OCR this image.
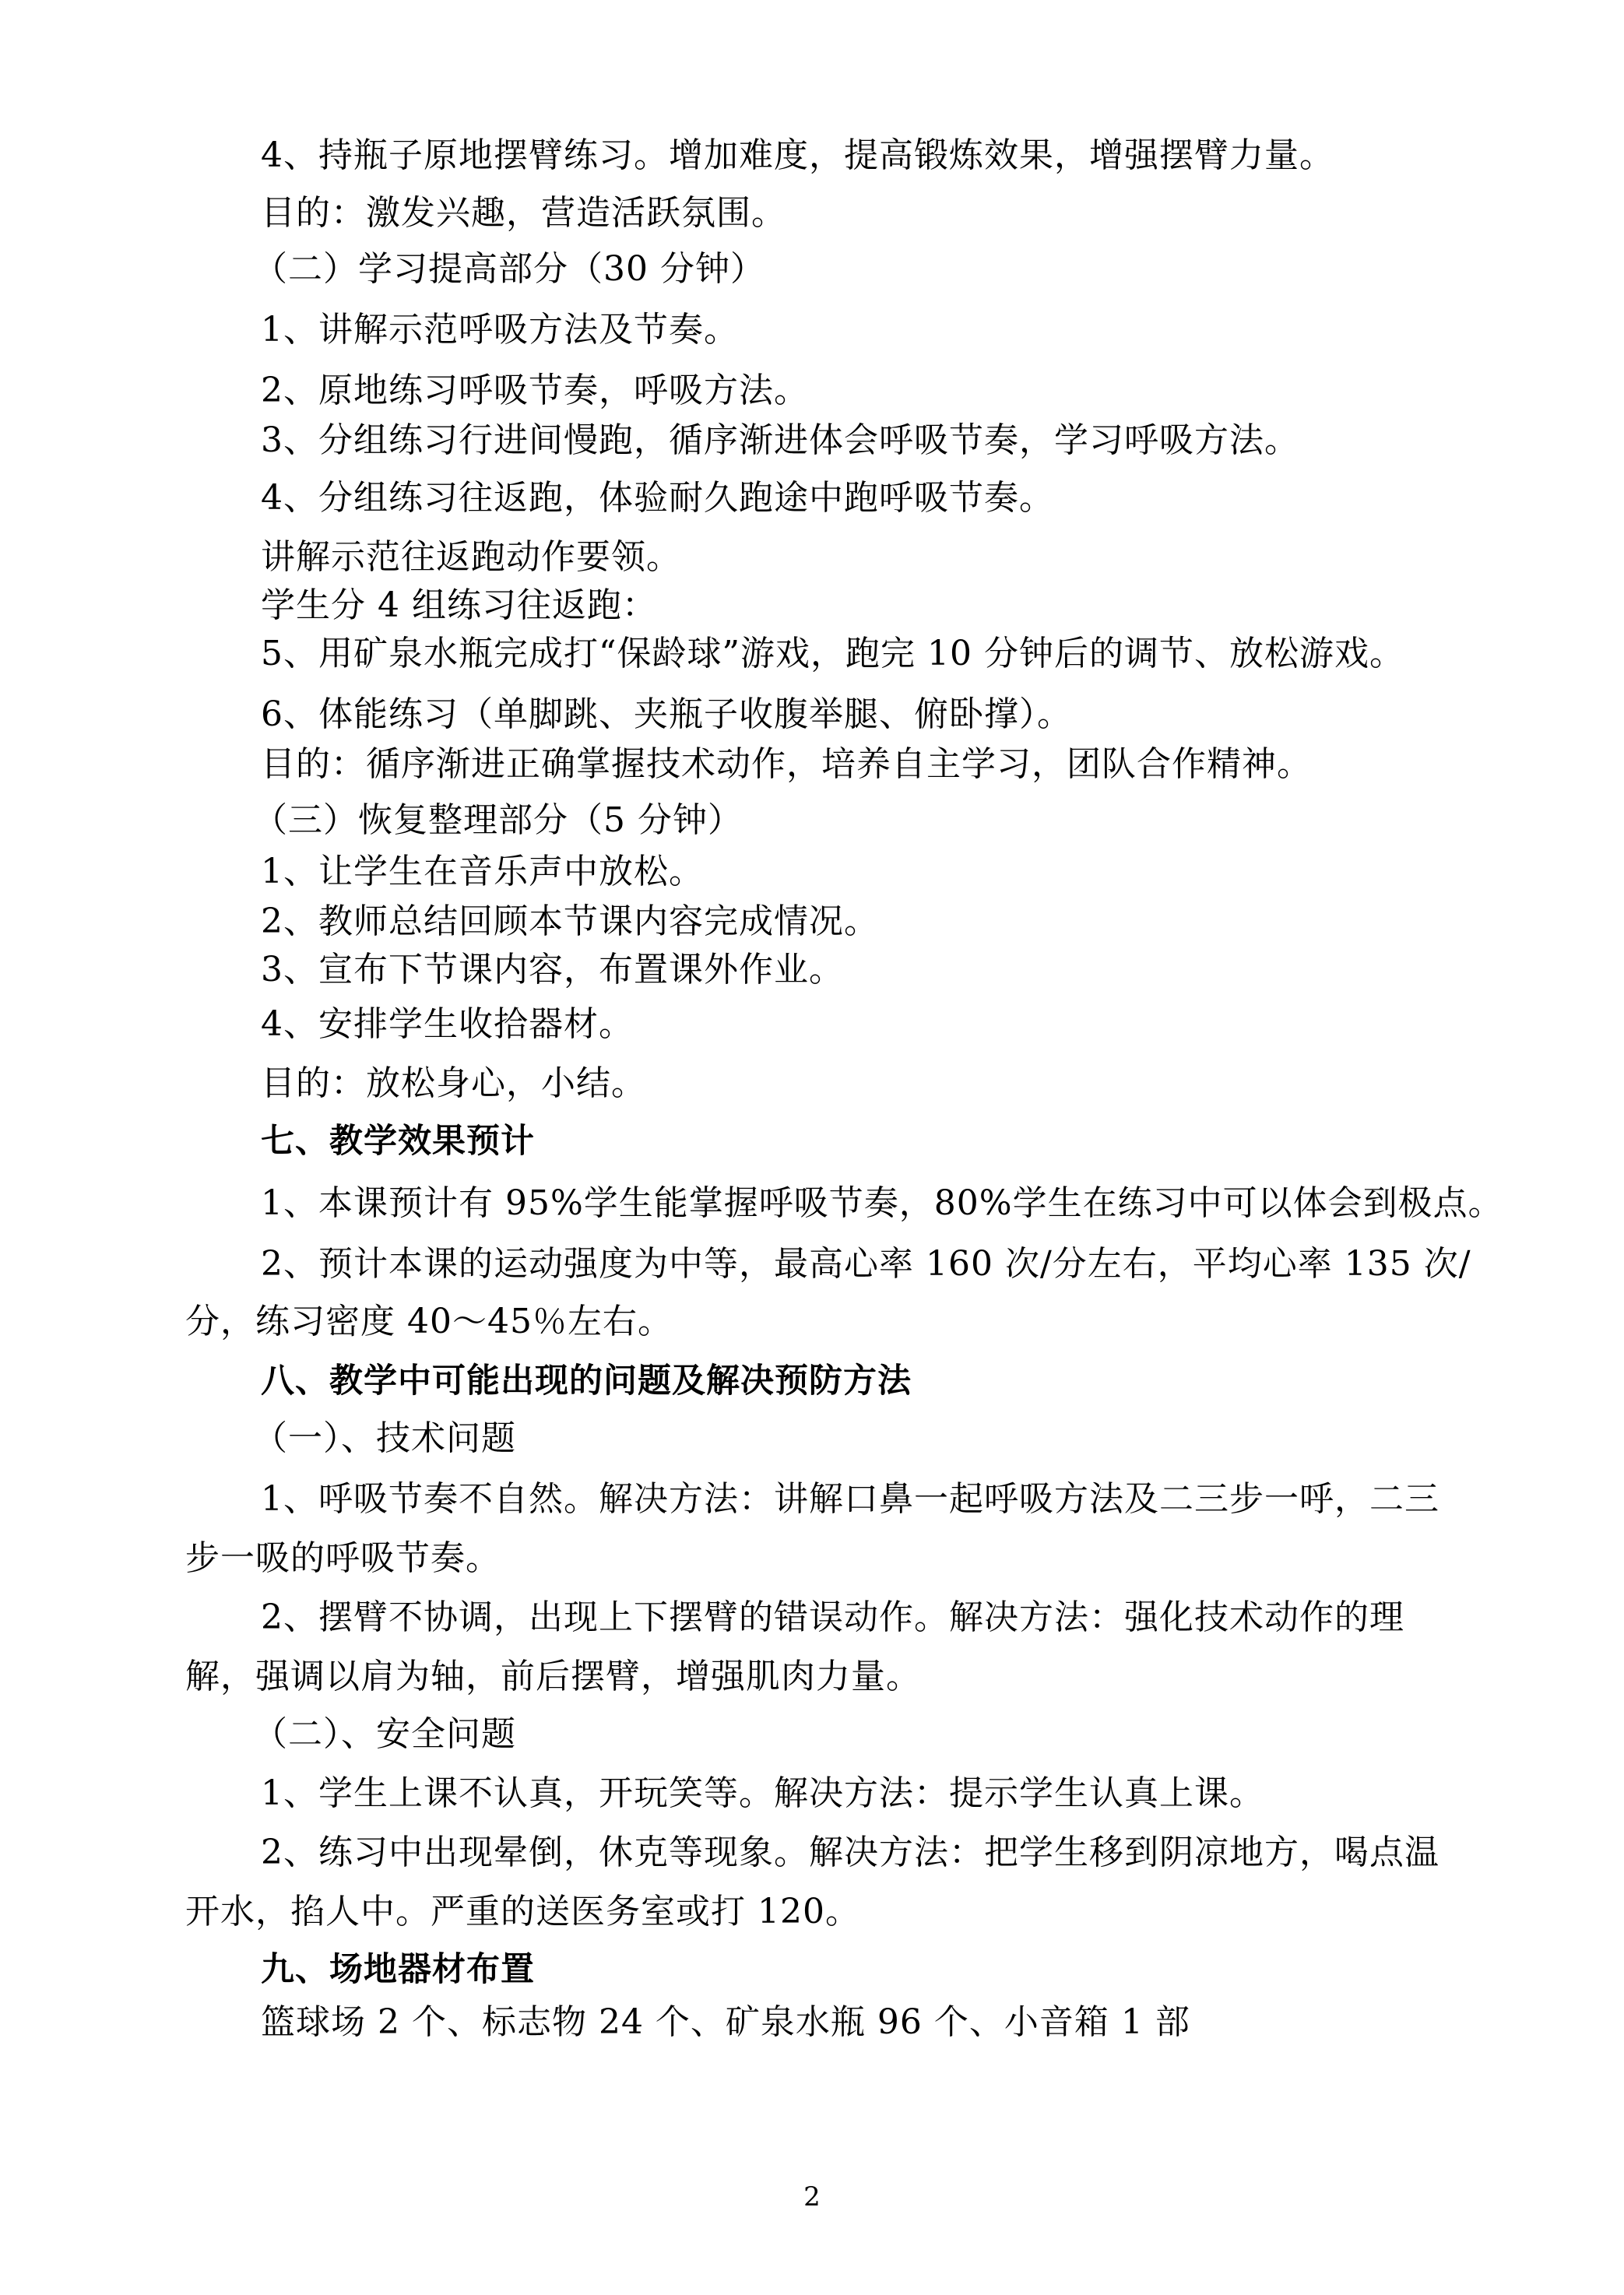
4、持瓶子原地摆臂练习。增加难度，提高锻炼效果，增强摆臂力量。
目的：激发兴趣，营造活跃氛围。
（二）学习提高部分（30 分钟）
1、讲解示范呼吸方法及节奏。
2、原地练习呼吸节奏，呼吸方法。
3、分组练习行进间慢跑，循序渐进体会呼吸节奏，学习呼吸方法。
4、分组练习往返跑，体验耐久跑途中跑呼吸节奏。
讲解示范往返跑动作要领。
学生分 4 组练习往返跑：
5、用矿泉水瓶完成打“保龄球”游戏，跑完 10 分钟后的调节、放松游戏。
6、体能练习（单脚跳、夹瓶子收腹举腿、俯卧撑）。
目的：循序渐进正确掌握技术动作，培养自主学习，团队合作精神。
（三）恢复整理部分（5 分钟）
1、让学生在音乐声中放松。
2、教师总结回顾本节课内容完成情况。
3、宣布下节课内容，布置课外作业。
4、安排学生收拾器材。
目的：放松身心，小结。
七、教学效果预计
1、本课预计有 95%学生能掌握呼吸节奏，80%学生在练习中可以体会到极点。
2、预计本课的运动强度为中等，最高心率 160 次/分左右，平均心率 135 次/
分，练习密度 40～45％左右。
八、教学中可能出现的问题及解决预防方法
（一）、技术问题
1、呼吸节奏不自然。解决方法：讲解口鼻一起呼吸方法及二三步一呼，二三
步一吸的呼吸节奏。
2、摆臂不协调，出现上下摆臂的错误动作。解决方法：强化技术动作的理
解，强调以肩为轴，前后摆臂，增强肌肉力量。
（二）、安全问题
1、学生上课不认真，开玩笑等。解决方法：提示学生认真上课。
2、练习中出现晕倒，休克等现象。解决方法：把学生移到阴凉地方，喝点温
开水，掐人中。严重的送医务室或打 120。
九、场地器材布置
篮球场 2 个、标志物 24 个、矿泉水瓶 96 个、小音箱 1 部
2
